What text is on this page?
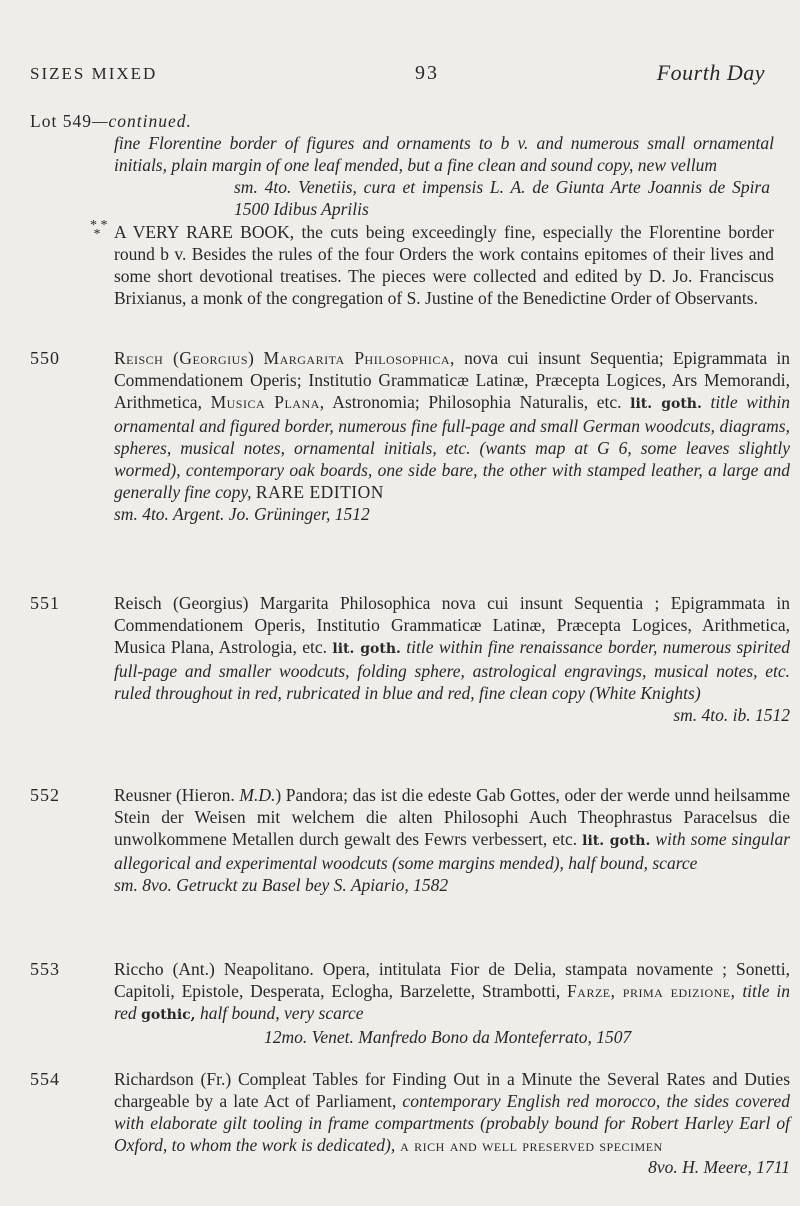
SIZES MIXED	93	Fourth Day
Lot 549—continued.

fine Florentine border of figures and ornaments to b v. and numerous small ornamental initials, plain margin of one leaf mended, but a fine clean and sound copy, new vellum

sm. 4to. Venetiis, cura et impensis L. A. de Giunta Arte Joannis de Spira 1500 Idibus Aprilis

* *
* A VERY RARE BOOK, the cuts being exceedingly fine, especially the Florentine border round b v. Besides the rules of the four Orders the work contains epitomes of their lives and some short devotional treatises. The pieces were collected and edited by D. Jo. Franciscus Brixianus, a monk of the congregation of S. Justine of the Benedictine Order of Observants.

550	Reisch (Georgius) Margarita Philosophica, nova cui insunt Sequentia; Epigrammata in Commendationem Operis; Institutio Grammaticæ Latinæ, Præcepta Logices, Ars Memorandi, Arithmetica, Musica Plana, Astronomia; Philosophia Naturalis, etc. lit. goth. title within ornamental and figured border, numerous fine full-page and small German woodcuts, diagrams, spheres, musical notes, ornamental initials, etc. (wants map at G 6, some leaves slightly wormed), contemporary oak boards, one side bare, the other with stamped leather, a large and generally fine copy, RARE EDITION

sm. 4to. Argent. Jo. Grüninger, 1512

551	Reisch (Georgius) Margarita Philosophica nova cui insunt Sequentia ; Epigrammata in Commendationem Operis, Institutio Grammaticæ Latinæ, Præcepta Logices, Arithmetica, Musica Plana, Astrologia, etc. lit. goth. title within fine renaissance border, numerous spirited full-page and smaller woodcuts, folding sphere, astrological engravings, musical notes, etc. ruled throughout in red, rubricated in blue and red, fine clean copy (White Knights)
sm. 4to. ib. 1512

552	Reusner (Hieron. M.D.) Pandora; das ist die edeste Gab Gottes, oder der werde unnd heilsamme Stein der Weisen mit welchem die alten Philosophi Auch Theophrastus Paracelsus die unwolkommene Metallen durch gewalt des Fewrs verbessert, etc. lit. goth. with some singular allegorical and experimental woodcuts (some margins mended), half bound, scarce

sm. 8vo. Getruckt zu Basel bey S. Apiario, 1582

553	Riccho (Ant.) Neapolitano. Opera, intitulata Fior de Delia, stampata novamente ; Sonetti, Capitoli, Epistole, Desperata, Eclogha, Barzelette, Strambotti, Farze, prima edizione, title in red gothic, half bound, very scarce

12mo. Venet. Manfredo Bono da Monteferrato, 1507

554	Richardson (Fr.) Compleat Tables for Finding Out in a Minute the Several Rates and Duties chargeable by a late Act of Parliament, contemporary English red morocco, the sides covered with elaborate gilt tooling in frame compartments (probably bound for Robert Harley Earl of Oxford, to whom the work is dedicated), a rich and well preserved specimen
8vo. H. Meere, 1711
